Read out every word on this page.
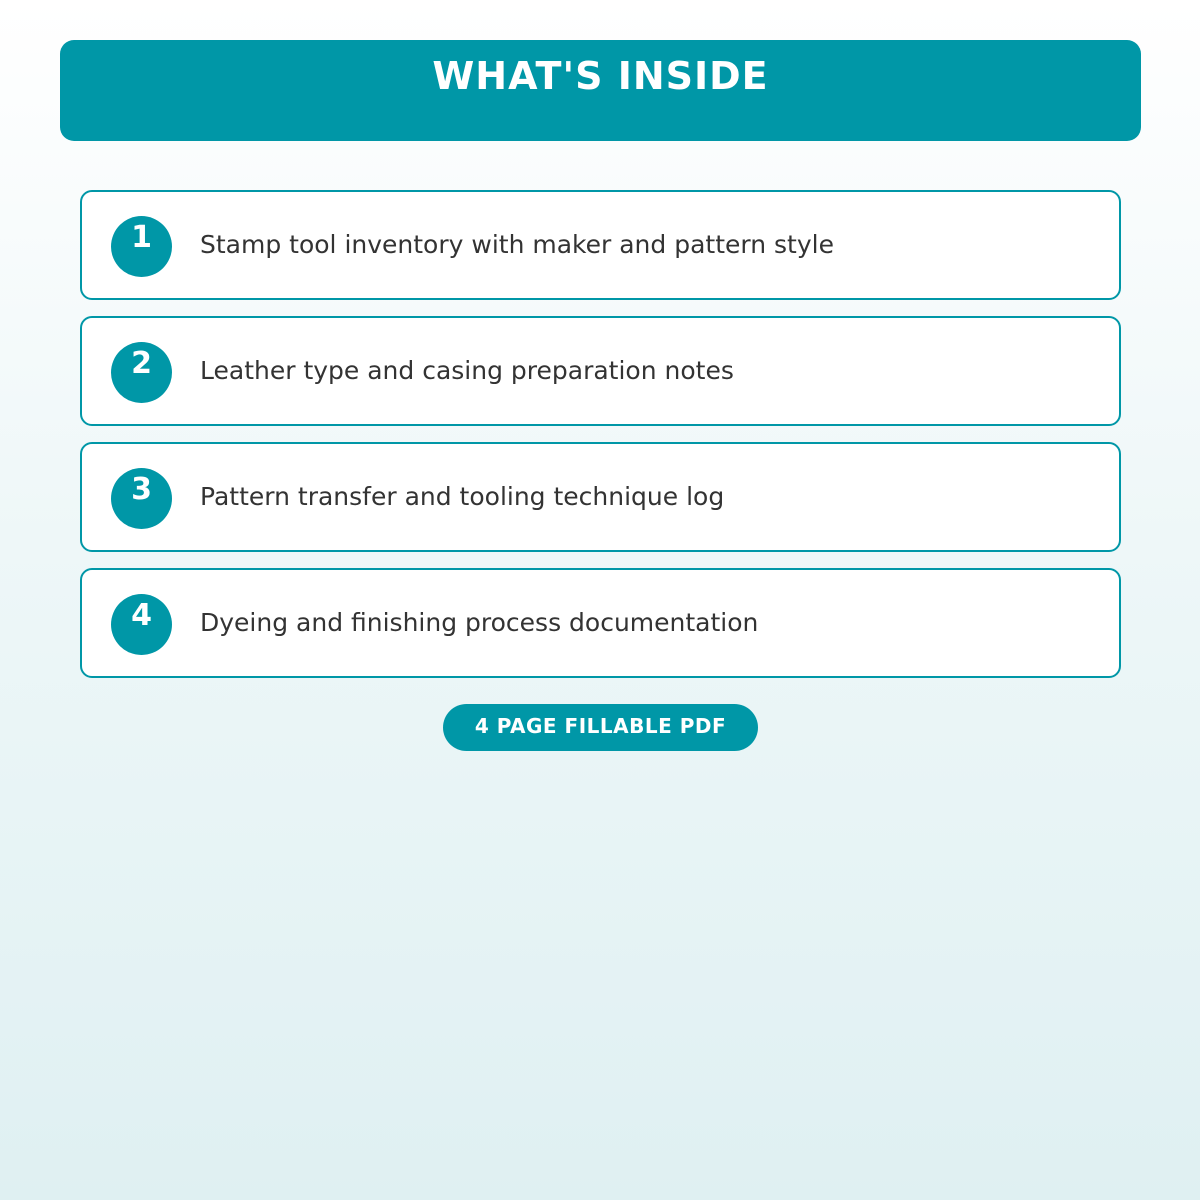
WHAT'S INSIDE
1	Stamp tool inventory with maker and pattern style
2	Leather type and casing preparation notes
3	Pattern transfer and tooling technique log
4	Dyeing and finishing process documentation
4 PAGE FILLABLE PDF
